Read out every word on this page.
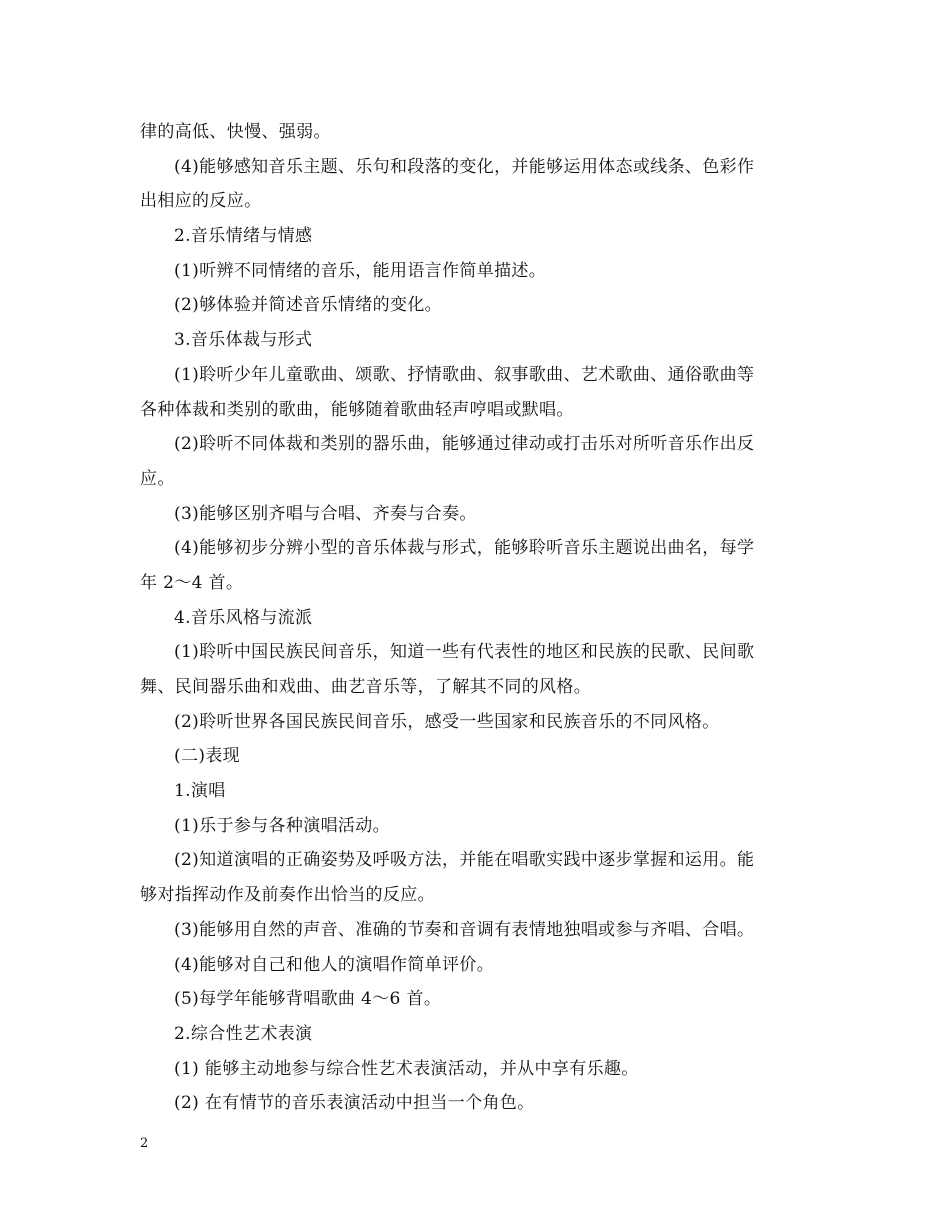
律的高低、快慢、强弱。
(4)能够感知音乐主题、乐句和段落的变化，并能够运用体态或线条、色彩作
出相应的反应。
2.音乐情绪与情感
(1)听辨不同情绪的音乐，能用语言作简单描述。
(2)够体验并简述音乐情绪的变化。
3.音乐体裁与形式
(1)聆听少年儿童歌曲、颂歌、抒情歌曲、叙事歌曲、艺术歌曲、通俗歌曲等
各种体裁和类别的歌曲，能够随着歌曲轻声哼唱或默唱。
(2)聆听不同体裁和类别的器乐曲，能够通过律动或打击乐对所听音乐作出反
应。
(3)能够区别齐唱与合唱、齐奏与合奏。
(4)能够初步分辨小型的音乐体裁与形式，能够聆听音乐主题说出曲名，每学
年 2～4 首。
4.音乐风格与流派
(1)聆听中国民族民间音乐，知道一些有代表性的地区和民族的民歌、民间歌
舞、民间器乐曲和戏曲、曲艺音乐等，了解其不同的风格。
(2)聆听世界各国民族民间音乐，感受一些国家和民族音乐的不同风格。
(二)表现
1.演唱
(1)乐于参与各种演唱活动。
(2)知道演唱的正确姿势及呼吸方法，并能在唱歌实践中逐步掌握和运用。能
够对指挥动作及前奏作出恰当的反应。
(3)能够用自然的声音、准确的节奏和音调有表情地独唱或参与齐唱、合唱。
(4)能够对自己和他人的演唱作简单评价。
(5)每学年能够背唱歌曲 4～6 首。
2.综合性艺术表演
(1) 能够主动地参与综合性艺术表演活动，并从中享有乐趣。
(2) 在有情节的音乐表演活动中担当一个角色。
2
